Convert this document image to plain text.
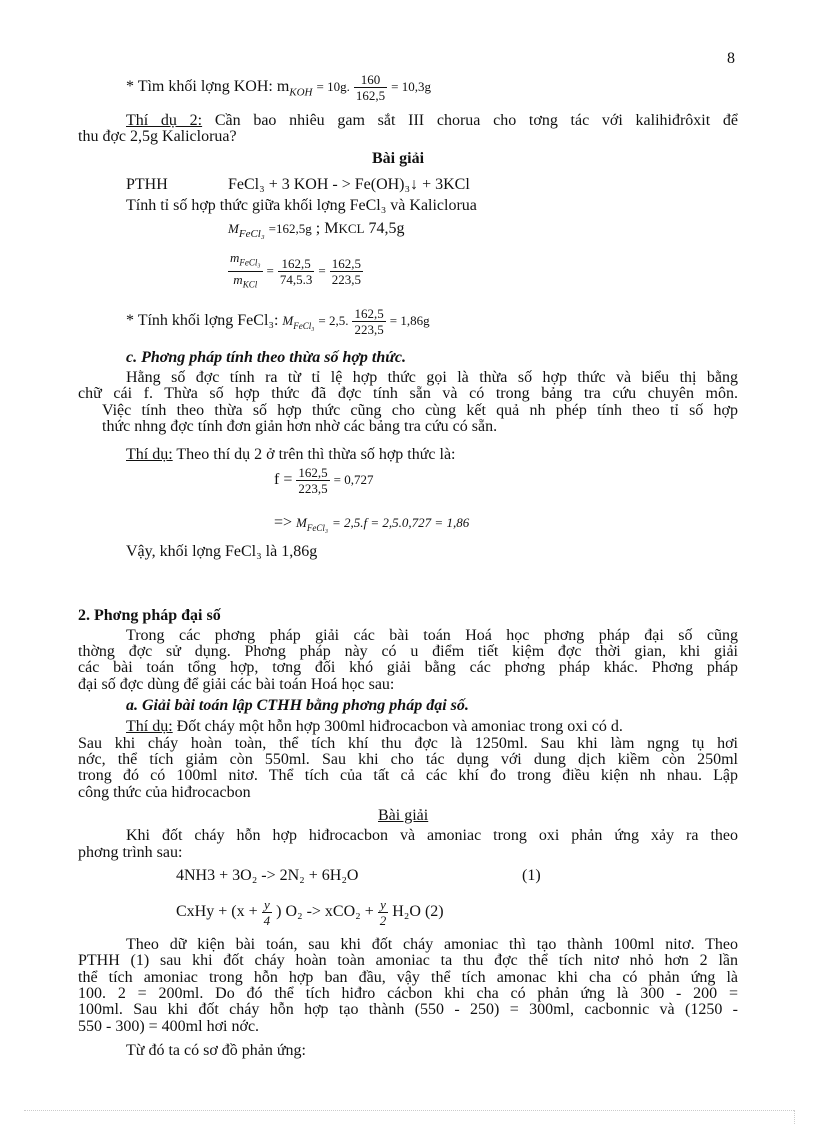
8
* Tìm khối lợng KOH: $m_{KOH} = 10g$. $\frac{160}{162,5} = 10,3g$
Thí dụ 2: Cần bao nhiêu gam sắt III chorua cho tơng tác với kalihiđrôxit để
thu đợc 2,5g Kaliclorua?
Bài giải
PTHH	FeCl₃ + 3 KOH - > Fe(OH)₃↓ + 3KCl
Tính tỉ số hợp thức giữa khối lợng FeCl₃ và Kaliclorua
$M_{FeCl_3} =162,5g$ ; MKCL 74,5g
$\frac{m_{FeCl_3}}{m_{KCl}} = \frac{162,5}{74,5.3} = \frac{162,5}{223,5}$
* Tính khối lợng FeCl₃: $M_{FeCl_3} = 2,5$. $\frac{162,5}{223,5} = 1,86g$
c. Phơng pháp tính theo thừa số hợp thức.
Hằng số đợc tính ra từ tỉ lệ hợp thức gọi là thừa số hợp thức và biểu thị bằng
chữ cái f. Thừa số hợp thức đã đợc tính sẵn và có trong bảng tra cứu chuyên môn.
Việc tính theo thừa số hợp thức cũng cho cùng kết quả nh phép tính theo tỉ số hợp
thức nhng đợc tính đơn giản hơn nhờ các bảng tra cứu có sẵn.
Thí dụ: Theo thí dụ 2 ở trên thì thừa số hợp thức là:
$f = \frac{162,5}{223,5} = 0,727$
=> $M_{FeCl_3} = 2,5.f = 2,5.0,727 = 1,86$
Vậy, khối lợng FeCl₃ là 1,86g
2. Phơng pháp đại số
Trong các phơng pháp giải các bài toán Hoá học phơng pháp đại số cũng
thờng đợc sử dụng. Phơng pháp này có u điểm tiết kiệm đợc thời gian, khi giải
các bài toán tổng hợp, tơng đối khó giải bằng các phơng pháp khác. Phơng pháp
đại số đợc dùng để giải các bài toán Hoá học sau:
a. Giải bài toán lập CTHH bằng phơng pháp đại số.
Thí dụ: Đốt cháy một hỗn hợp 300ml hiđrocacbon và amoniac trong oxi có d.
Sau khi cháy hoàn toàn, thể tích khí thu đợc là 1250ml. Sau khi làm ngng tụ hơi
nớc, thể tích giảm còn 550ml. Sau khi cho tác dụng với dung dịch kiềm còn 250ml
trong đó có 100ml nitơ. Thể tích của tất cả các khí đo trong điều kiện nh nhau. Lập
công thức của hiđrocacbon
Bài giải
Khi đốt cháy hỗn hợp hiđrocacbon và amoniac trong oxi phản ứng xảy ra theo
phơng trình sau:
4NH3 + 3O₂ -> 2N₂ + 6H₂O	(1)
CxHy + ($x + \frac{y}{4}$ ) $O_2 -> xCO_2 + \frac{y}{2} H_2O$ (2)
Theo dữ kiện bài toán, sau khi đốt cháy amoniac thì tạo thành 100ml nitơ. Theo
PTHH (1) sau khi đốt cháy hoàn toàn amoniac ta thu đợc thể tích nitơ nhỏ hơn 2 lần
thể tích amoniac trong hỗn hợp ban đầu, vậy thể tích amonac khi cha có phản ứng là
100. 2 = 200ml. Do đó thể tích hiđro cácbon khi cha có phản ứng là 300 - 200 =
100ml. Sau khi đốt cháy hỗn hợp tạo thành (550 - 250) = 300ml, cacbonnic và (1250 -
550 - 300) = 400ml hơi nớc.
Từ đó ta có sơ đồ phản ứng:
